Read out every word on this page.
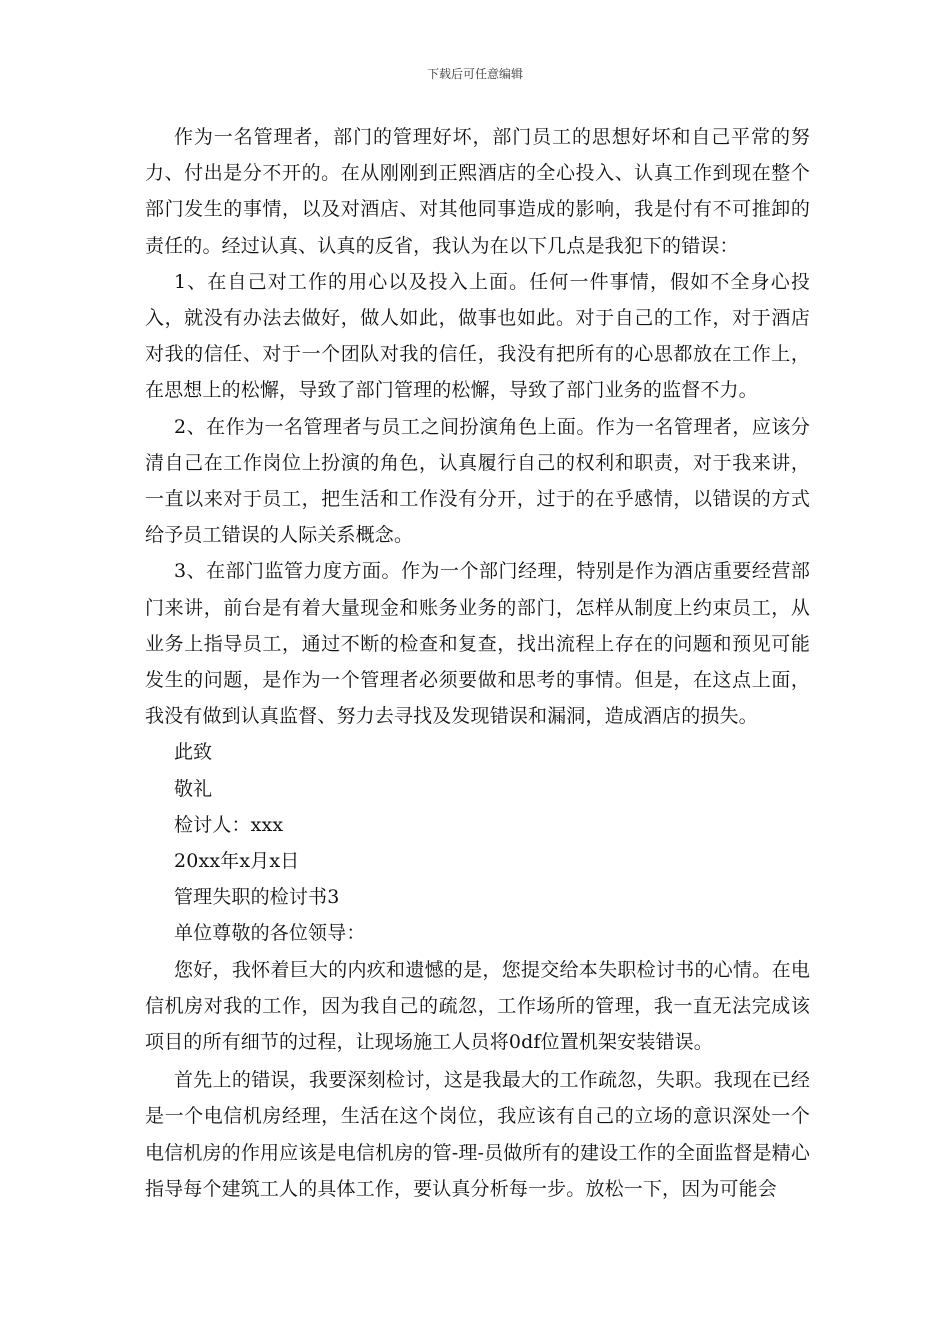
下载后可任意编辑

作为一名管理者，部门的管理好坏，部门员工的思想好坏和自己平常的努力、付出是分不开的。在从刚刚到正熙酒店的全心投入、认真工作到现在整个部门发生的事情，以及对酒店、对其他同事造成的影响，我是付有不可推卸的责任的。经过认真、认真的反省，我认为在以下几点是我犯下的错误：

1、在自己对工作的用心以及投入上面。任何一件事情，假如不全身心投入，就没有办法去做好，做人如此，做事也如此。对于自己的工作，对于酒店对我的信任、对于一个团队对我的信任，我没有把所有的心思都放在工作上，在思想上的松懈，导致了部门管理的松懈，导致了部门业务的监督不力。

2、在作为一名管理者与员工之间扮演角色上面。作为一名管理者，应该分清自己在工作岗位上扮演的角色，认真履行自己的权利和职责，对于我来讲，一直以来对于员工，把生活和工作没有分开，过于的在乎感情，以错误的方式给予员工错误的人际关系概念。

3、在部门监管力度方面。作为一个部门经理，特别是作为酒店重要经营部门来讲，前台是有着大量现金和账务业务的部门，怎样从制度上约束员工，从业务上指导员工，通过不断的检查和复查，找出流程上存在的问题和预见可能发生的问题，是作为一个管理者必须要做和思考的事情。但是，在这点上面，我没有做到认真监督、努力去寻找及发现错误和漏洞，造成酒店的损失。

此致

敬礼

检讨人：xxx

20xx年x月x日

管理失职的检讨书3

单位尊敬的各位领导：

您好，我怀着巨大的内疚和遗憾的是，您提交给本失职检讨书的心情。在电信机房对我的工作，因为我自己的疏忽，工作场所的管理，我一直无法完成该项目的所有细节的过程，让现场施工人员将0df位置机架安装错误。

首先上的错误，我要深刻检讨，这是我最大的工作疏忽，失职。我现在已经是一个电信机房经理，生活在这个岗位，我应该有自己的立场的意识深处一个电信机房的作用应该是电信机房的管-理-员做所有的建设工作的全面监督是精心指导每个建筑工人的具体工作，要认真分析每一步。放松一下，因为可能会
